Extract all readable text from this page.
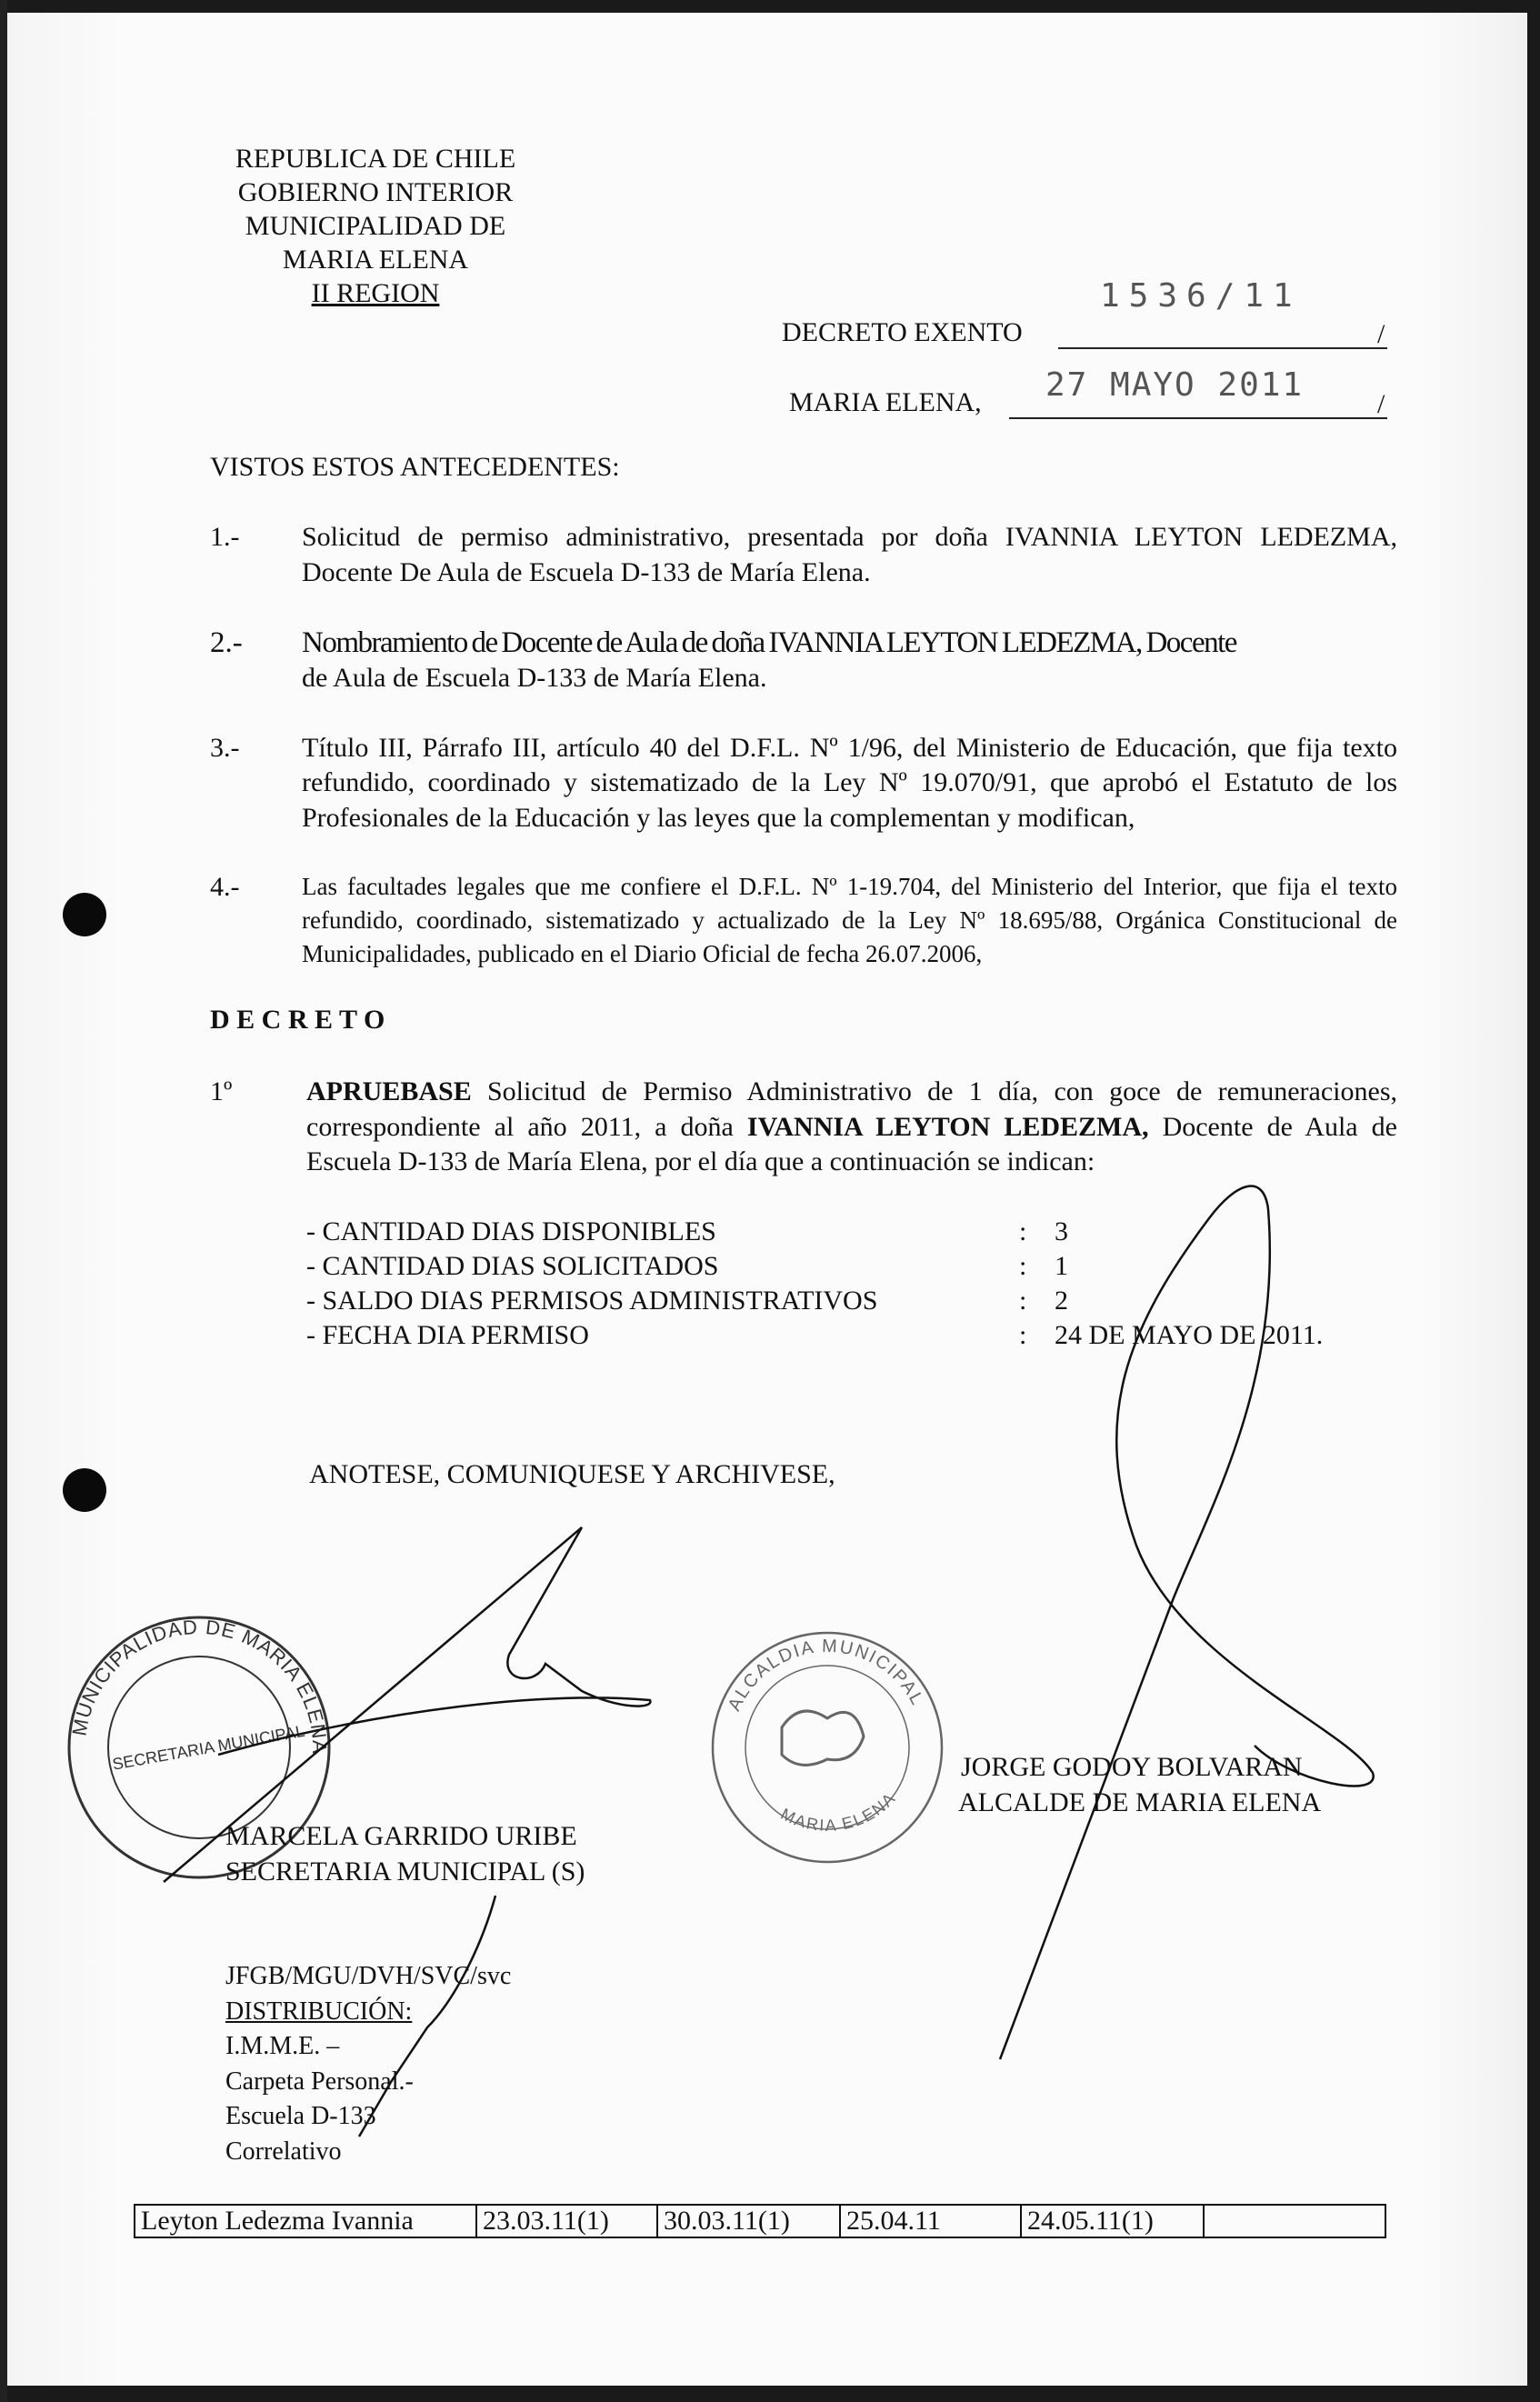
REPUBLICA DE CHILE
GOBIERNO INTERIOR
MUNICIPALIDAD DE
MARIA ELENA
II REGION
DECRETO EXENTO
1536/11
/
MARIA ELENA, 27 MAYO 2011
/
VISTOS ESTOS ANTECEDENTES:
1.-	Solicitud de permiso administrativo, presentada por doña IVANNIA LEYTON LEDEZMA, Docente De Aula de Escuela D-133 de María Elena.
2.-	Nombramiento de Docente de Aula de doña IVANNIA LEYTON LEDEZMA, Docente
de Aula de Escuela D-133 de María Elena.
3.-	Título III, Párrafo III, artículo 40 del D.F.L. Nº 1/96, del Ministerio de Educación, que fija texto refundido, coordinado y sistematizado de la Ley Nº 19.070/91, que aprobó el Estatuto de los Profesionales de la Educación y las leyes que la complementan y modifican,
4.-	Las facultades legales que me confiere el D.F.L. Nº 1-19.704, del Ministerio del Interior, que fija el texto refundido, coordinado, sistematizado y actualizado de la Ley Nº 18.695/88, Orgánica Constitucional de Municipalidades, publicado en el Diario Oficial de fecha 26.07.2006,
D E C R E T O
1º	APRUEBASE Solicitud de Permiso Administrativo de 1 día, con goce de remuneraciones, correspondiente al año 2011, a doña IVANNIA LEYTON LEDEZMA, Docente de Aula de Escuela D-133 de María Elena, por el día que a continuación se indican:
- CANTIDAD DIAS DISPONIBLES	:	3
- CANTIDAD DIAS SOLICITADOS	:	1
- SALDO DIAS PERMISOS ADMINISTRATIVOS	:	2
- FECHA DIA PERMISO	:	24 DE MAYO DE 2011.
ANOTESE, COMUNIQUESE Y ARCHIVESE,
MUNICIPALIDAD DE MARIA ELENA
SECRETARIA MUNICIPAL
ALCALDIA MUNICIPAL
MARIA ELENA
JORGE GODOY BOLVARAN
ALCALDE DE MARIA ELENA
MARCELA GARRIDO URIBE
SECRETARIA MUNICIPAL (S)
JFGB/MGU/DVH/SVC/svc
DISTRIBUCIÓN:
I.M.M.E. –
Carpeta Personal.-
Escuela D-133
Correlativo
Leyton Ledezma Ivannia	23.03.11(1)	30.03.11(1)	25.04.11	24.05.11(1)	
